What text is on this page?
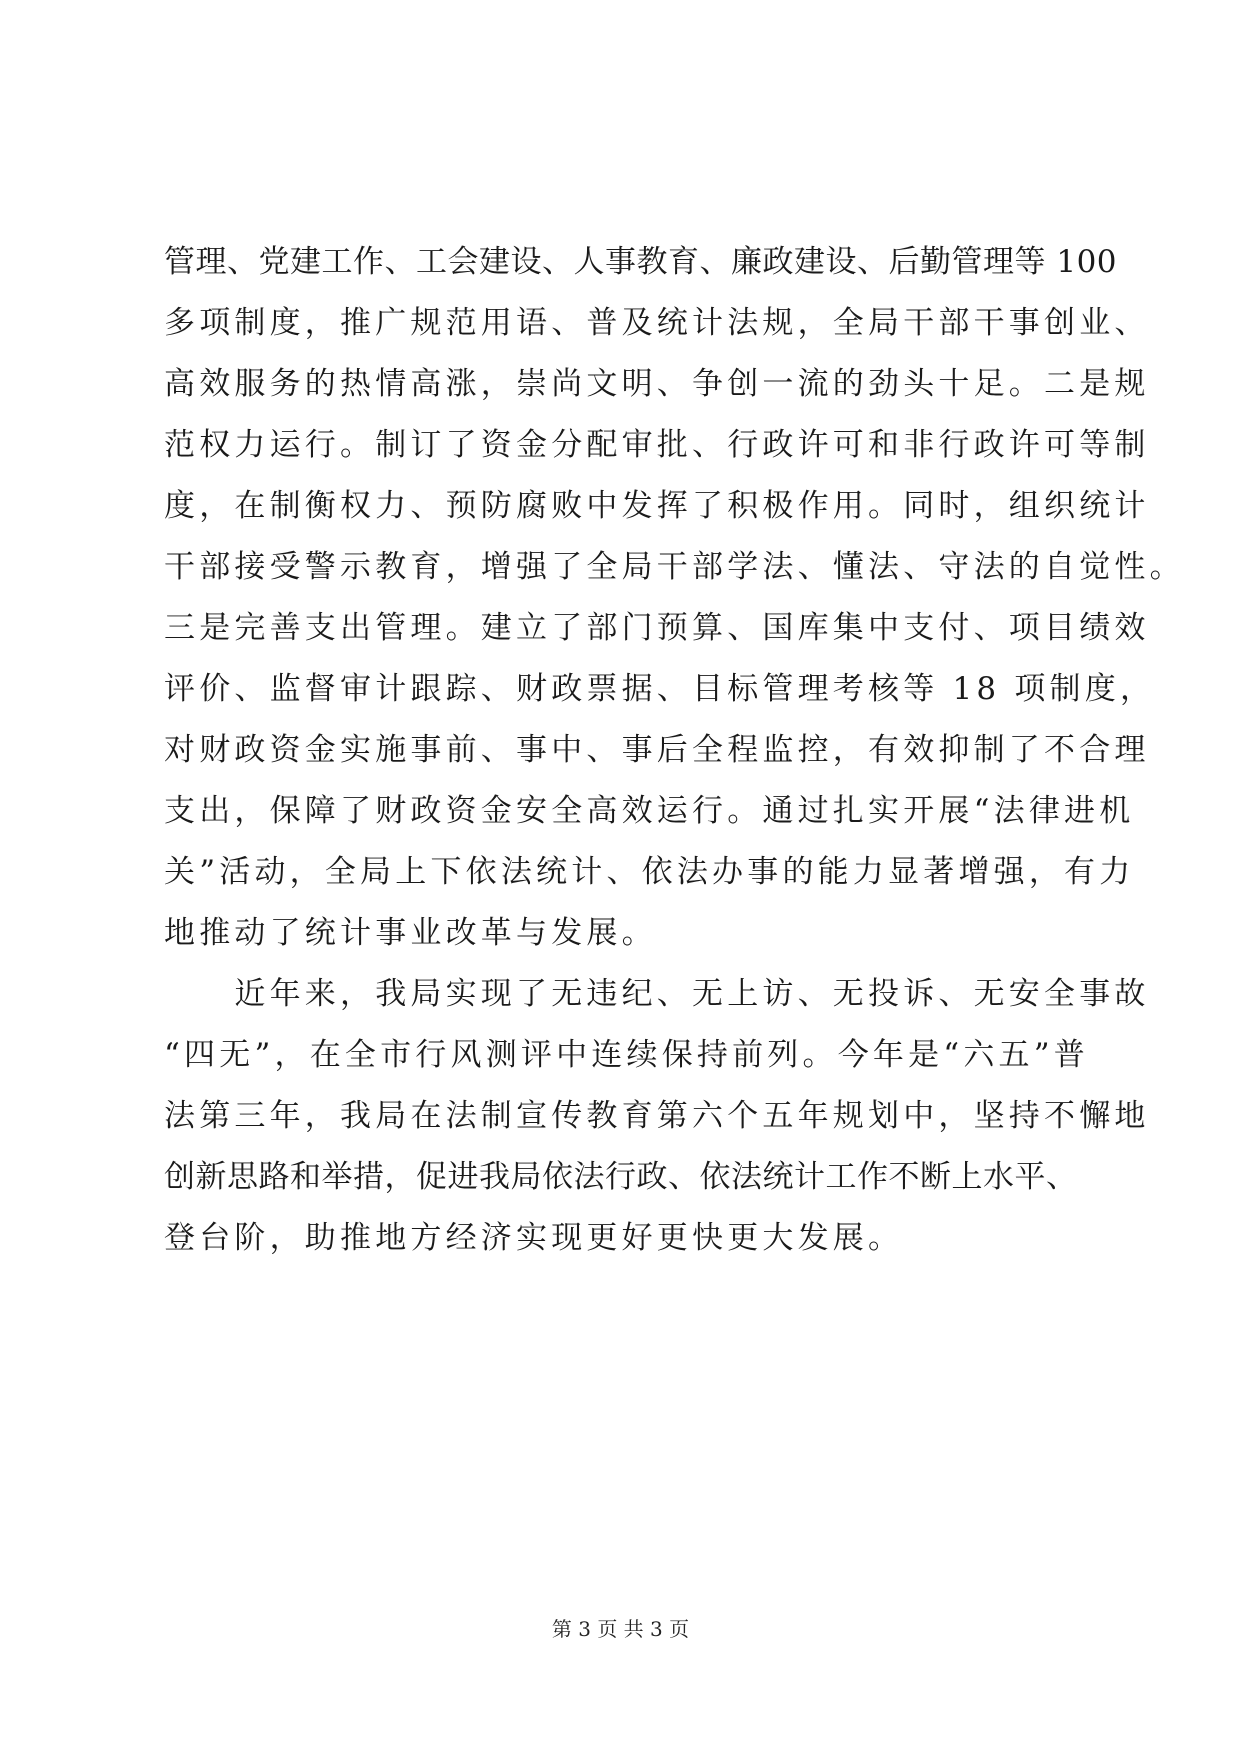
管理、党建工作、工会建设、人事教育、廉政建设、后勤管理等 100
多项制度，推广规范用语、普及统计法规，全局干部干事创业、
高效服务的热情高涨，崇尚文明、争创一流的劲头十足。二是规
范权力运行。制订了资金分配审批、行政许可和非行政许可等制
度，在制衡权力、预防腐败中发挥了积极作用。同时，组织统计
干部接受警示教育，增强了全局干部学法、懂法、守法的自觉性。
三是完善支出管理。建立了部门预算、国库集中支付、项目绩效
评价、监督审计跟踪、财政票据、目标管理考核等 18 项制度，
对财政资金实施事前、事中、事后全程监控，有效抑制了不合理
支出，保障了财政资金安全高效运行。通过扎实开展“法律进机
关”活动，全局上下依法统计、依法办事的能力显著增强，有力
地推动了统计事业改革与发展。
　　近年来，我局实现了无违纪、无上访、无投诉、无安全事故
“四无”，在全市行风测评中连续保持前列。今年是“六五”普
法第三年，我局在法制宣传教育第六个五年规划中，坚持不懈地
创新思路和举措，促进我局依法行政、依法统计工作不断上水平、
登台阶，助推地方经济实现更好更快更大发展。
第 3 页 共 3 页
